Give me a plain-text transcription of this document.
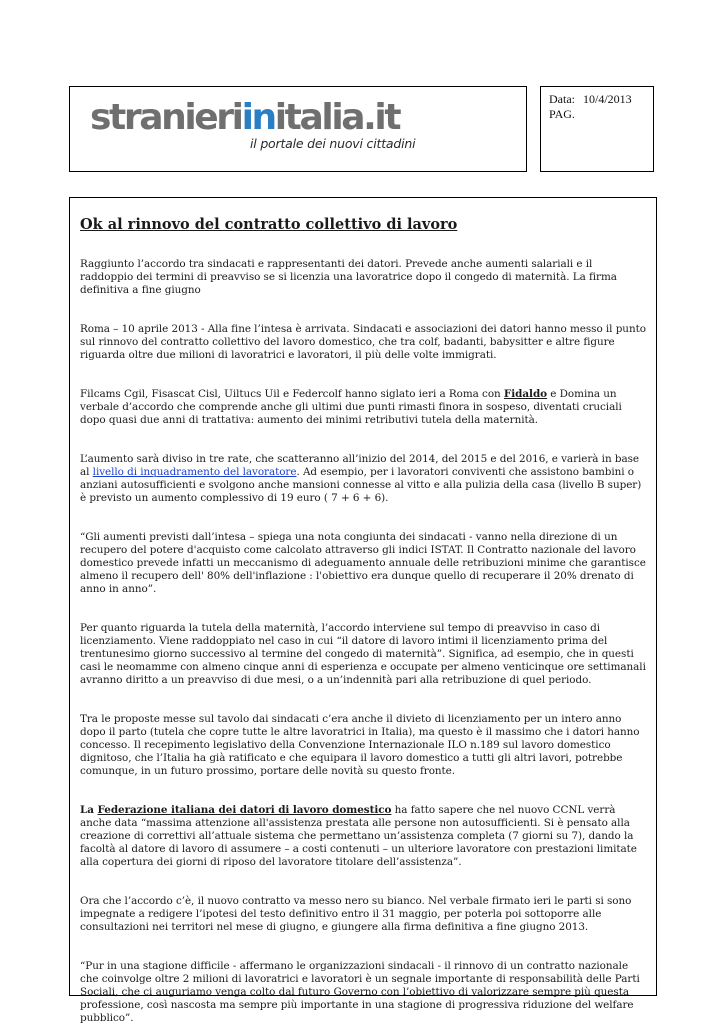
stranieriinitalia.it
il portale dei nuovi cittadini
Data: 10/4/2013
PAG.
Ok al rinnovo del contratto collettivo di lavoro

Raggiunto l’accordo tra sindacati e rappresentanti dei datori. Prevede anche aumenti salariali e il raddoppio dei termini di preavviso se si licenzia una lavoratrice dopo il congedo di maternità. La firma definitiva a fine giugno

Roma – 10 aprile 2013 - Alla fine l’intesa è arrivata. Sindacati e associazioni dei datori hanno messo il punto sul rinnovo del contratto collettivo del lavoro domestico, che tra colf, badanti, babysitter e altre figure riguarda oltre due milioni di lavoratrici e lavoratori, il più delle volte immigrati.

Filcams Cgil, Fisascat Cisl, Uiltucs Uil e Federcolf hanno siglato ieri a Roma con Fidaldo e Domina un verbale d’accordo che comprende anche gli ultimi due punti rimasti finora in sospeso, diventati cruciali dopo quasi due anni di trattativa: aumento dei minimi retributivi tutela della maternità.

L’aumento sarà diviso in tre rate, che scatteranno all’inizio del 2014, del 2015 e del 2016, e varierà in base al livello di inquadramento del lavoratore. Ad esempio, per i lavoratori conviventi che assistono bambini o anziani autosufficienti e svolgono anche mansioni connesse al vitto e alla pulizia della casa (livello B super) è previsto un aumento complessivo di 19 euro ( 7 + 6 + 6).

“Gli aumenti previsti dall’intesa – spiega una nota congiunta dei sindacati - vanno nella direzione di un recupero del potere d'acquisto come calcolato attraverso gli indici ISTAT. Il Contratto nazionale del lavoro domestico prevede infatti un meccanismo di adeguamento annuale delle retribuzioni minime che garantisce almeno il recupero dell' 80% dell'inflazione : l'obiettivo era dunque quello di recuperare il 20% drenato di anno in anno”.

Per quanto riguarda la tutela della maternità, l’accordo interviene sul tempo di preavviso in caso di licenziamento. Viene raddoppiato nel caso in cui “il datore di lavoro intimi il licenziamento prima del trentunesimo giorno successivo al termine del congedo di maternità”. Significa, ad esempio, che in questi casi le neomamme con almeno cinque anni di esperienza e occupate per almeno venticinque ore settimanali avranno diritto a un preavviso di due mesi, o a un’indennità pari alla retribuzione di quel periodo.

Tra le proposte messe sul tavolo dai sindacati c’era anche il divieto di licenziamento per un intero anno dopo il parto (tutela che copre tutte le altre lavoratrici in Italia), ma questo è il massimo che i datori hanno concesso. Il recepimento legislativo della Convenzione Internazionale ILO n.189 sul lavoro domestico dignitoso, che l’Italia ha già ratificato e che equipara il lavoro domestico a tutti gli altri lavori, potrebbe comunque, in un futuro prossimo, portare delle novità su questo fronte.

La Federazione italiana dei datori di lavoro domestico ha fatto sapere che nel nuovo CCNL verrà anche data “massima attenzione all'assistenza prestata alle persone non autosufficienti. Si è pensato alla creazione di correttivi all’attuale sistema che permettano un’assistenza completa (7 giorni su 7), dando la facoltà al datore di lavoro di assumere – a costi contenuti – un ulteriore lavoratore con prestazioni limitate alla copertura dei giorni di riposo del lavoratore titolare dell’assistenza”.

Ora che l’accordo c’è, il nuovo contratto va messo nero su bianco. Nel verbale firmato ieri le parti si sono impegnate a redigere l’ipotesi del testo definitivo entro il 31 maggio, per poterla poi sottoporre alle consultazioni nei territori nel mese di giugno, e giungere alla firma definitiva a fine giugno 2013.

“Pur in una stagione difficile - affermano le organizzazioni sindacali - il rinnovo di un contratto nazionale che coinvolge oltre 2 milioni di lavoratrici e lavoratori è un segnale importante di responsabilità delle Parti Sociali, che ci auguriamo venga colto dal futuro Governo con l’obiettivo di valorizzare sempre più questa professione, così nascosta ma sempre più importante in una stagione di progressiva riduzione del welfare pubblico”.
